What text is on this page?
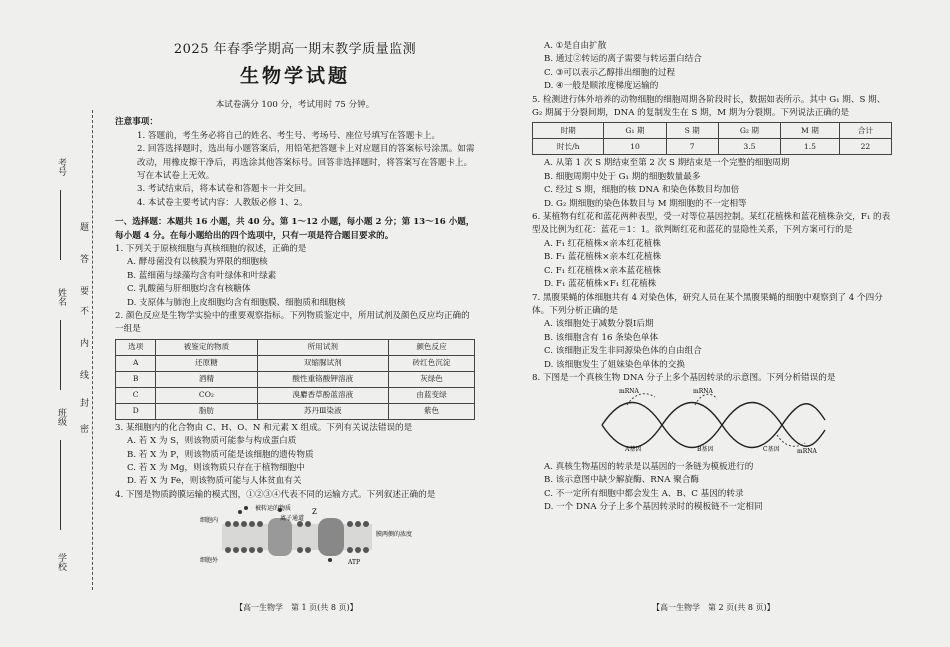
考号
姓名
班级
学校
题
答
要
不
内
线
封
密

2025 年春季学期高一期末教学质量监测

生物学试题

本试卷满分 100 分，考试用时 75 分钟。

注意事项：

1. 答题前，考生务必将自己的姓名、考生号、考场号、座位号填写在答题卡上。

2. 回答选择题时，选出每小题答案后，用铅笔把答题卡上对应题目的答案标号涂黑。如需改动，用橡皮擦干净后，再选涂其他答案标号。回答非选择题时，将答案写在答题卡上。写在本试卷上无效。

3. 考试结束后，将本试卷和答题卡一并交回。

4. 本试卷主要考试内容：人教版必修 1、2。

一、选择题：本题共 16 小题，共 40 分。第 1～12 小题，每小题 2 分；第 13～16 小题，每小题 4 分。在每小题给出的四个选项中，只有一项是符合题目要求的。

1. 下列关于原核细胞与真核细胞的叙述，正确的是

A. 酵母菌没有以核膜为界限的细胞核

B. 蓝细菌与绿藻均含有叶绿体和叶绿素

C. 乳酸菌与肝细胞均含有核糖体

D. 支原体与肺泡上皮细胞均含有细胞膜、细胞质和细胞核

2. 颜色反应是生物学实验中的重要观察指标。下列物质鉴定中，所用试剂及颜色反应均正确的一组是

选项	被鉴定的物质	所用试剂	颜色反应
A	还原糖	双缩脲试剂	砖红色沉淀
B	酒精	酸性重铬酸钾溶液	灰绿色
C	CO₂	溴麝香草酚蓝溶液	由蓝变绿
D	脂肪	苏丹Ⅲ染液	紫色

3. 某细胞内的化合物由 C、H、O、N 和元素 X 组成。下列有关说法错误的是

A. 若 X 为 S，则该物质可能参与构成蛋白质

B. 若 X 为 P，则该物质可能是该细胞的遗传物质

C. 若 X 为 Mg，则该物质只存在于植物细胞中

D. 若 X 为 Fe，则该物质可能与人体贫血有关

4. 下图是物质跨膜运输的模式图，①②③④代表不同的运输方式。下列叙述正确的是

被转运的物质
离子通道
细胞内
细胞外
膜两侧的浓度
ATP
Z

A. ①是自由扩散

B. 通过②转运的离子需要与转运蛋白结合

C. ③可以表示乙醇排出细胞的过程

D. ④一般是顺浓度梯度运输的

5. 检测进行体外培养的动物细胞的细胞周期各阶段时长，数据如表所示。其中 G₁ 期、S 期、G₂ 期属于分裂间期，DNA 的复制发生在 S 期，M 期为分裂期。下列说法正确的是

时期	G₁ 期	S 期	G₂ 期	M 期	合计
时长/h	10	7	3.5	1.5	22

A. 从第 1 次 S 期结束至第 2 次 S 期结束是一个完整的细胞周期

B. 细胞周期中处于 G₁ 期的细胞数量最多

C. 经过 S 期，细胞的核 DNA 和染色体数目均加倍

D. G₂ 期细胞的染色体数目与 M 期细胞的不一定相等

6. 某植物有红花和蓝花两种表型，受一对等位基因控制。某红花植株和蓝花植株杂交，F₁ 的表型及比例为红花：蓝花＝1：1。欲判断红花和蓝花的显隐性关系，下列方案可行的是

A. F₁ 红花植株×亲本红花植株

B. F₁ 蓝花植株×亲本红花植株

C. F₁ 红花植株×亲本蓝花植株

D. F₁ 蓝花植株×F₁ 红花植株

7. 黑腹果蝇的体细胞共有 4 对染色体，研究人员在某个黑腹果蝇的细胞中观察到了 4 个四分体。下列分析正确的是

A. 该细胞处于减数分裂Ⅰ后期

B. 该细胞含有 16 条染色单体

C. 该细胞正发生非同源染色体的自由组合

D. 该细胞发生了姐妹染色单体的交换

8. 下图是一个真核生物 DNA 分子上多个基因转录的示意图。下列分析错误的是

mRNA	mRNA
mRNA
A基因	B基因	C基因

A. 真核生物基因的转录是以基因的一条链为模板进行的

B. 该示意图中缺少解旋酶、RNA 聚合酶

C. 不一定所有细胞中都会发生 A、B、C 基因的转录

D. 一个 DNA 分子上多个基因转录时的模板链不一定相同

【高一生物学　第 1 页(共 8 页)】	【高一生物学　第 2 页(共 8 页)】
